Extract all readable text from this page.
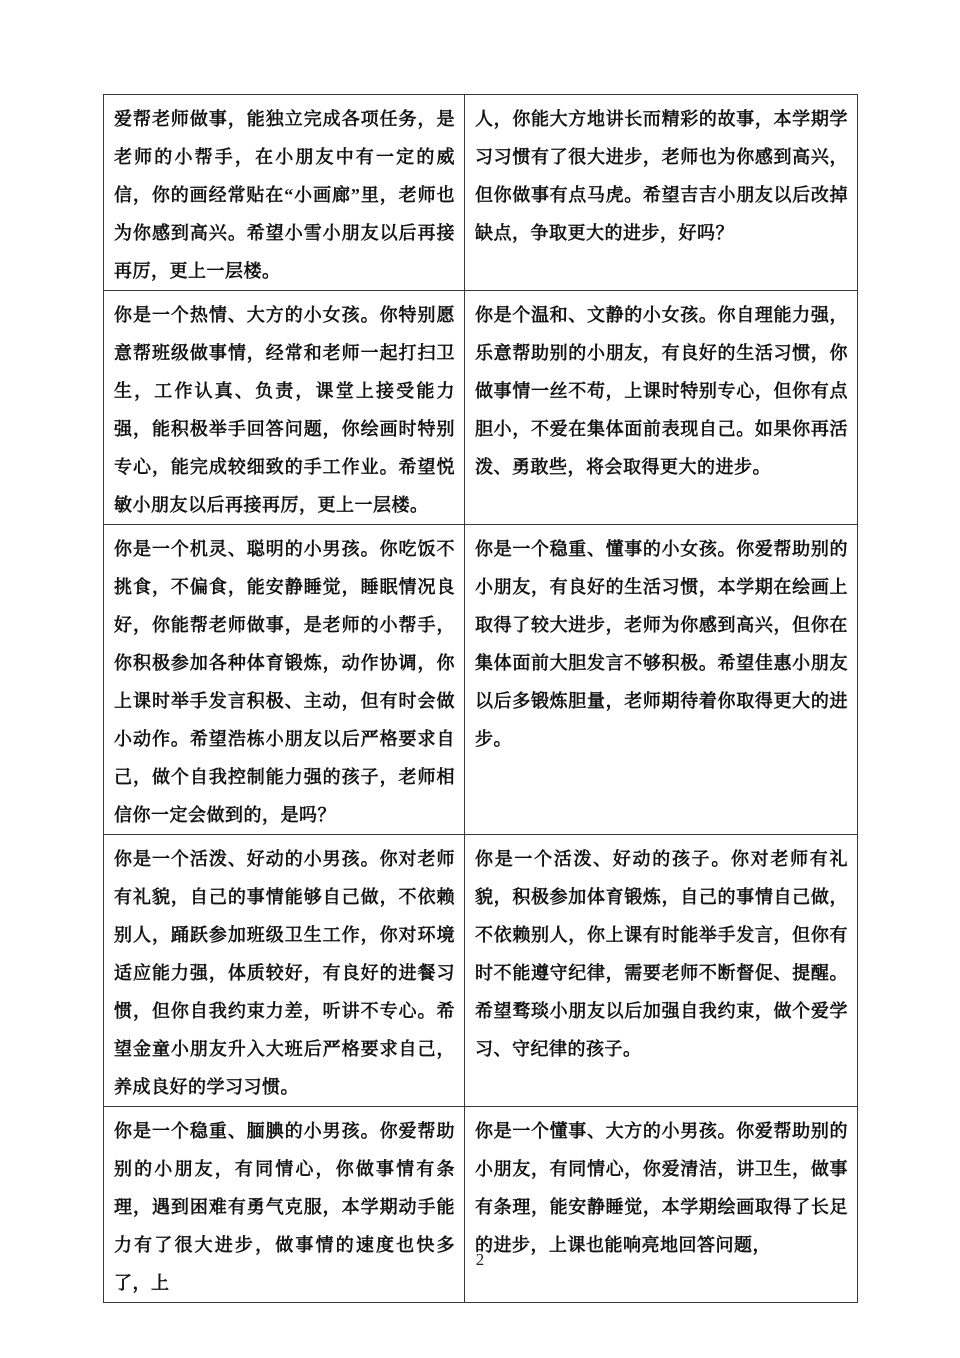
爱帮老师做事，能独立完成各项任务，是老师的小帮手，在小朋友中有一定的威信，你的画经常贴在“小画廊”里，老师也为你感到高兴。希望小雪小朋友以后再接再厉，更上一层楼。	人，你能大方地讲长而精彩的故事，本学期学习习惯有了很大进步，老师也为你感到高兴，但你做事有点马虎。希望吉吉小朋友以后改掉缺点，争取更大的进步，好吗？
你是一个热情、大方的小女孩。你特别愿意帮班级做事情，经常和老师一起打扫卫生，工作认真、负责，课堂上接受能力强，能积极举手回答问题，你绘画时特别专心，能完成较细致的手工作业。希望悦敏小朋友以后再接再厉，更上一层楼。	你是个温和、文静的小女孩。你自理能力强，乐意帮助别的小朋友，有良好的生活习惯，你做事情一丝不苟，上课时特别专心，但你有点胆小，不爱在集体面前表现自己。如果你再活泼、勇敢些，将会取得更大的进步。
你是一个机灵、聪明的小男孩。你吃饭不挑食，不偏食，能安静睡觉，睡眠情况良好，你能帮老师做事，是老师的小帮手，你积极参加各种体育锻炼，动作协调，你上课时举手发言积极、主动，但有时会做小动作。希望浩栋小朋友以后严格要求自己，做个自我控制能力强的孩子，老师相信你一定会做到的，是吗？	你是一个稳重、懂事的小女孩。你爱帮助别的小朋友，有良好的生活习惯，本学期在绘画上取得了较大进步，老师为你感到高兴，但你在集体面前大胆发言不够积极。希望佳惠小朋友以后多锻炼胆量，老师期待着你取得更大的进步。
你是一个活泼、好动的小男孩。你对老师有礼貌，自己的事情能够自己做，不依赖别人，踊跃参加班级卫生工作，你对环境适应能力强，体质较好，有良好的进餐习惯，但你自我约束力差，听讲不专心。希望金童小朋友升入大班后严格要求自己，养成良好的学习习惯。	你是一个活泼、好动的孩子。你对老师有礼貌，积极参加体育锻炼，自己的事情自己做，不依赖别人，你上课有时能举手发言，但你有时不能遵守纪律，需要老师不断督促、提醒。希望骛琰小朋友以后加强自我约束，做个爱学习、守纪律的孩子。
你是一个稳重、腼腆的小男孩。你爱帮助别的小朋友，有同情心，你做事情有条理，遇到困难有勇气克服，本学期动手能力有了很大进步，做事情的速度也快多了，上	你是一个懂事、大方的小男孩。你爱帮助别的小朋友，有同情心，你爱清洁，讲卫生，做事有条理，能安静睡觉，本学期绘画取得了长足的进步，上课也能响亮地回答问题，
2
